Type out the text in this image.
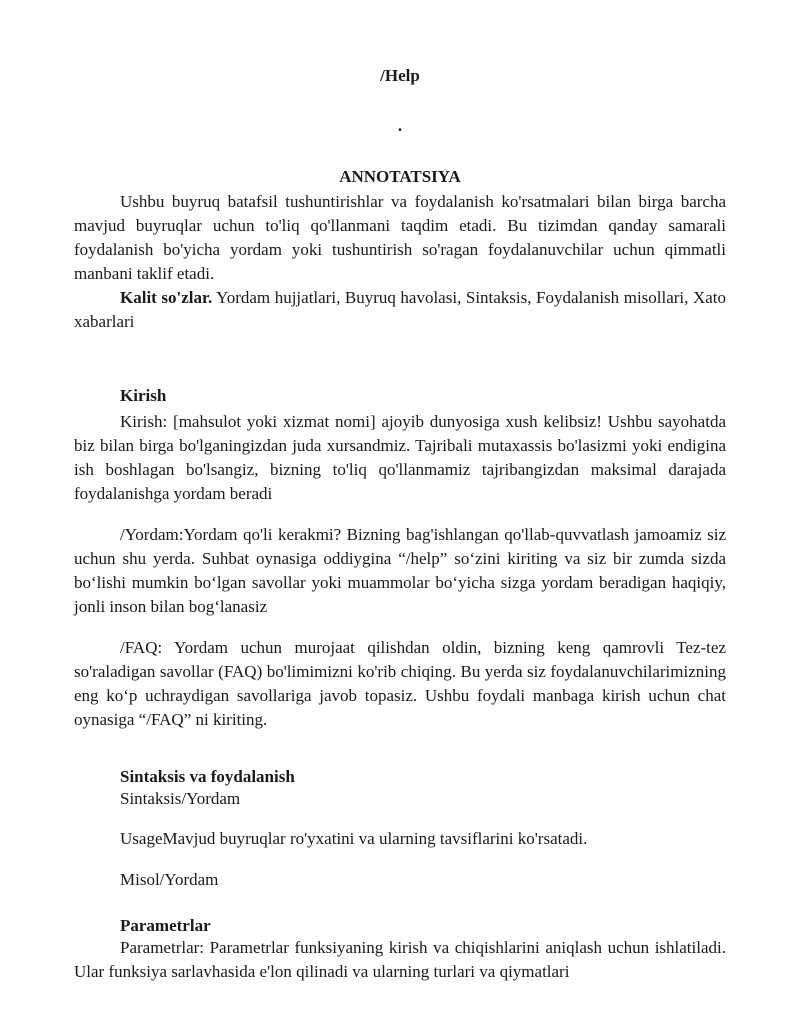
/Help
.
ANNOTATSIYA

Ushbu buyruq batafsil tushuntirishlar va foydalanish ko'rsatmalari bilan birga barcha mavjud buyruqlar uchun to'liq qo'llanmani taqdim etadi. Bu tizimdan qanday samarali foydalanish bo'yicha yordam yoki tushuntirish so'ragan foydalanuvchilar uchun qimmatli manbani taklif etadi.

Kalit so'zlar. Yordam hujjatlari, Buyruq havolasi, Sintaksis, Foydalanish misollari, Xato xabarlari

Kirish

Kirish: [mahsulot yoki xizmat nomi] ajoyib dunyosiga xush kelibsiz! Ushbu sayohatda biz bilan birga bo'lganingizdan juda xursandmiz. Tajribali mutaxassis bo'lasizmi yoki endigina ish boshlagan bo'lsangiz, bizning to'liq qo'llanmamiz tajribangizdan maksimal darajada foydalanishga yordam beradi

/Yordam:Yordam qo'li kerakmi? Bizning bag'ishlangan qo'llab-quvvatlash jamoamiz siz uchun shu yerda. Suhbat oynasiga oddiygina “/help” so‘zini kiriting va siz bir zumda sizda bo‘lishi mumkin bo‘lgan savollar yoki muammolar bo‘yicha sizga yordam beradigan haqiqiy, jonli inson bilan bog‘lanasiz

/FAQ: Yordam uchun murojaat qilishdan oldin, bizning keng qamrovli Tez-tez so'raladigan savollar (FAQ) bo'limimizni ko'rib chiqing. Bu yerda siz foydalanuvchilarimizning eng ko‘p uchraydigan savollariga javob topasiz. Ushbu foydali manbaga kirish uchun chat oynasiga “/FAQ” ni kiriting.

Sintaksis va foydalanish

Sintaksis/Yordam

UsageMavjud buyruqlar ro'yxatini va ularning tavsiflarini ko'rsatadi.

Misol/Yordam

Parametrlar

Parametrlar: Parametrlar funksiyaning kirish va chiqishlarini aniqlash uchun ishlatiladi. Ular funksiya sarlavhasida e'lon qilinadi va ularning turlari va qiymatlari
